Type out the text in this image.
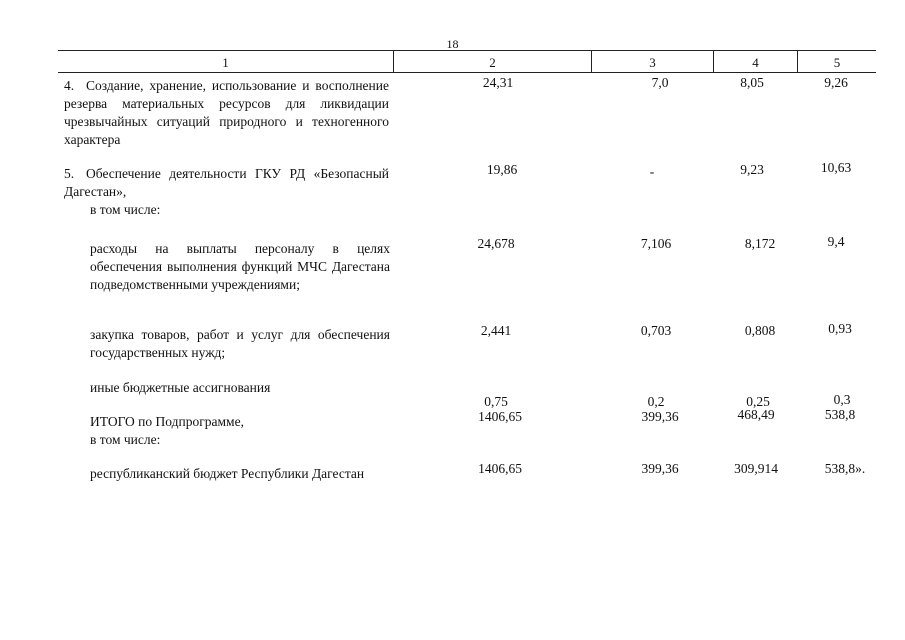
18
1	2	3	4	5
4. Создание, хранение, использование и восполнение резерва материальных ресурсов для ликвидации чрезвычайных ситуаций природного и техногенного характера
24,31	7,0	8,05	9,26
5. Обеспечение деятельности ГКУ РД «Безопасный Дагестан»,
в том числе:
19,86	-	9,23	10,63
расходы на выплаты персоналу в целях обеспечения выполнения функций МЧС Дагестана подведомственными учреждениями;
24,678	7,106	8,172	9,4
закупка товаров, работ и услуг для обеспечения государственных нужд;
2,441	0,703	0,808	0,93
иные бюджетные ассигнования
0,75	0,2	0,25	0,3
ИТОГО по Подпрограмме,
в том числе:
1406,65	399,36	468,49	538,8
республиканский бюджет Республики Дагестан	1406,65	399,36	309,914	538,8».
